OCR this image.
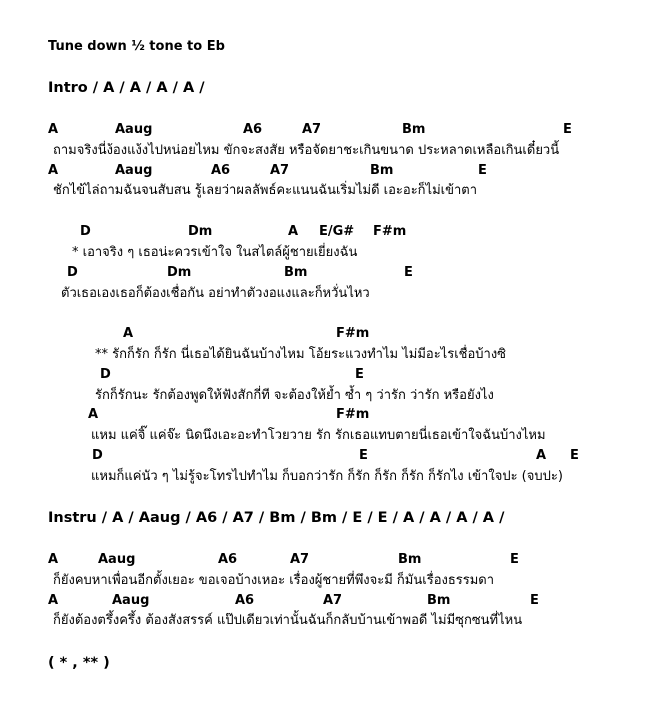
Tune down ½ tone to Eb
Intro / A / A / A / A /
A	Aaug	A6	A7	Bm	E
ถามจริงนี่ง้องแง้งไปหน่อยไหม ขักจะสงสัย หรือจัดยาชะเกินขนาด ประหลาดเหลือเกินเดี๋ยวนี้
A	Aaug	A6	A7	Bm	E
ชักไข้ไล่ถามฉันจนสับสน รู้เลยว่าผลลัพธ์คะแนนฉันเริ่มไม่ดี เอะอะก็ไม่เข้าตา
D	Dm	A E/G# F#m
* เอาจริง ๆ เธอน่ะควรเข้าใจ ในสไตล์ผู้ชายเยี่ยงฉัน
D	Dm	Bm	E
ตัวเธอเองเธอก็ต้องเชื่อกัน อย่าทำตัวงอแงและก็หวั่นไหว
A	F#m
** รักก็รัก ก็รัก นี่เธอได้ยินฉันบ้างไหม โอ้ยระแวงทำไม ไม่มีอะไรเชื่อบ้างซิ
D	E
รักก็รักนะ รักต้องพูดให้ฟังสักกี่ที จะต้องให้ย้ำ ซ้ำ ๆ ว่ารัก ว่ารัก หรือยังไง
A	F#m
แหม แค่จิ๊ แค่จ๊ะ นิดนึงเอะอะทำโวยวาย รัก รักเธอแทบตายนี่เธอเข้าใจฉันบ้างไหม
D	E	A E
แหมก็แค่นัว ๆ ไม่รู้จะโทรไปทำไม ก็บอกว่ารัก ก็รัก ก็รัก ก็รัก ก็รักไง เข้าใจปะ (จบปะ)
Instru / A / Aaug / A6 / A7 / Bm / Bm / E / E / A / A / A / A /
A	Aaug	A6	A7	Bm	E
ก็ยังคบหาเพื่อนอีกตั้งเยอะ ขอเจอบ้างเหอะ เรื่องผู้ชายที่พึงจะมี ก็มันเรื่องธรรมดา
A	Aaug	A6	A7	Bm	E
ก็ยังต้องตรึ้งครึ้ง ต้องสังสรรค์ แป๊ปเดียวเท่านั้นฉันก็กลับบ้านเข้าพอดี ไม่มีซุกซนที่ไหน
( * , ** )
